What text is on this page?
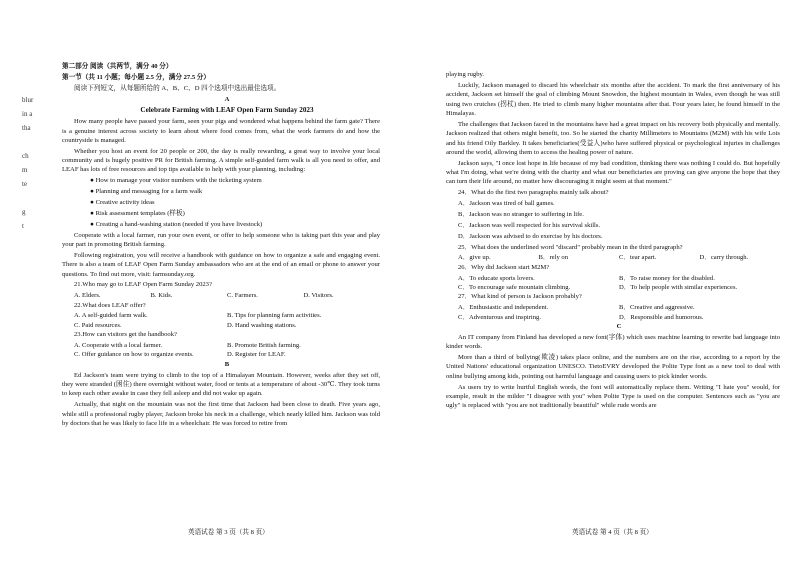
blur
in a
tha
ch
m
te
g
t

第二部分 阅读（共两节，满分 40 分）

第一节（共 11 小题；每小题 2.5 分，满分 27.5 分）

阅读下列短文，从每题所给的 A、B、C、D 四个选项中选出最佳选项。

A

Celebrate Farming with LEAF Open Farm Sunday 2023

How many people have passed your farm, seen your pigs and wondered what happens behind the farm gate? There is a genuine interest across society to learn about where food comes from, what the work farmers do and how the countryside is managed.

Whether you host an event for 20 people or 200, the day is really rewarding, a great way to involve your local community and is hugely positive PR for British farming. A simple self-guided farm walk is all you need to offer, and LEAF has lots of free resources and top tips available to help with your planning, including:

● How to manage your visitor numbers with the ticketing system

● Planning and messaging for a farm walk

● Creative activity ideas

● Risk assessment templates (样板)

● Creating a hand-washing station (needed if you have livestock)

Cooperate with a local farmer, run your own event, or offer to help someone who is taking part this year and play your part in promoting British farming.

Following registration, you will receive a handbook with guidance on how to organize a safe and engaging event. There is also a team of LEAF Open Farm Sunday ambassadors who are at the end of an email or phone to answer your questions. To find out more, visit: farmsunday.org.

21.Who may go to LEAF Open Farm Sunday 2023?

A. Elders.	B. Kids.	C. Farmers.	D. Visitors.

22.What does LEAF offer?

A. A self-guided farm walk.	B. Tips for planning farm activities.
C. Paid resources.	D. Hand washing stations.

23.How can visitors get the handbook?

A. Cooperate with a local farmer.	B. Promote British farming.
C. Offer guidance on how to organize events.	D. Register for LEAF.

B

Ed Jackson's team were trying to climb to the top of a Himalayan Mountain. However, weeks after they set off, they were stranded (困住) there overnight without water, food or tents at a temperature of about -30℃. They took turns to keep each other awake in case they fell asleep and did not wake up again.

Actually, that night on the mountain was not the first time that Jackson had been close to death. Five years ago, while still a professional rugby player, Jackson broke his neck in a challenge, which nearly killed him. Jackson was told by doctors that he was likely to face life in a wheelchair. He was forced to retire from

playing rugby.

Luckily, Jackson managed to discard his wheelchair six months after the accident. To mark the first anniversary of his accident, Jackson set himself the goal of climbing Mount Snowdon, the highest mountain in Wales, even though he was still using two crutches (拐杖) then. He tried to climb many higher mountains after that. Four years later, he found himself in the Himalayas.

The challenges that Jackson faced in the mountains have had a great impact on his recovery both physically and mentally. Jackson realized that others might benefit, too. So he started the charity Millimeters to Mountains (M2M) with his wife Lois and his friend Oily Barkley. It takes beneficiaries(受益人)who have suffered physical or psychological injuries in challenges around the world, allowing them to access the healing power of nature.

Jackson says, "I once lost hope in life because of my bad condition, thinking there was nothing I could do. But hopefully what I'm doing, what we're doing with the charity and what our beneficiaries are proving can give anyone the hope that they can turn their life around, no matter how discouraging it might seem at that moment."

24．What do the first two paragraphs mainly talk about?

A．Jackson was tired of ball games.

B．Jackson was no stranger to suffering in life.

C．Jackson was well respected for his survival skills.

D．Jackson was advised to do exercise by his doctors.

25．What does the underlined word "discard" probably mean in the third paragraph?

A．give up.	B．rely on	C．tear apart.	D．carry through.

26．Why did Jackson start M2M?

A．To educate sports lovers.	B．To raise money for the disabled.
C．To encourage safe mountain climbing.	D．To help people with similar experiences.

27．What kind of person is Jackson probably?

A．Enthusiastic and independent.	B．Creative and aggressive.
C．Adventurous and inspiring.	D．Responsible and humorous.

C

An IT company from Finland has developed a new font(字体) which uses machine learning to rewrite bad language into kinder words.

More than a third of bullying(欺凌) takes place online, and the numbers are on the rise, according to a report by the United Nations' educational organization UNESCO. TietoEVRY developed the Polite Type font as a new tool to deal with online bullying among kids, pointing out harmful language and causing users to pick kinder words.

As users try to write hurtful English words, the font will automatically replace them. Writing "I hate you" would, for example, result in the milder "I disagree with you" when Polite Type is used on the computer. Sentences such as "you are ugly" is replaced with "you are not traditionally beautiful" while rude words are

英语试卷 第 3 页（共 8 页）	英语试卷 第 4 页（共 8 页）
